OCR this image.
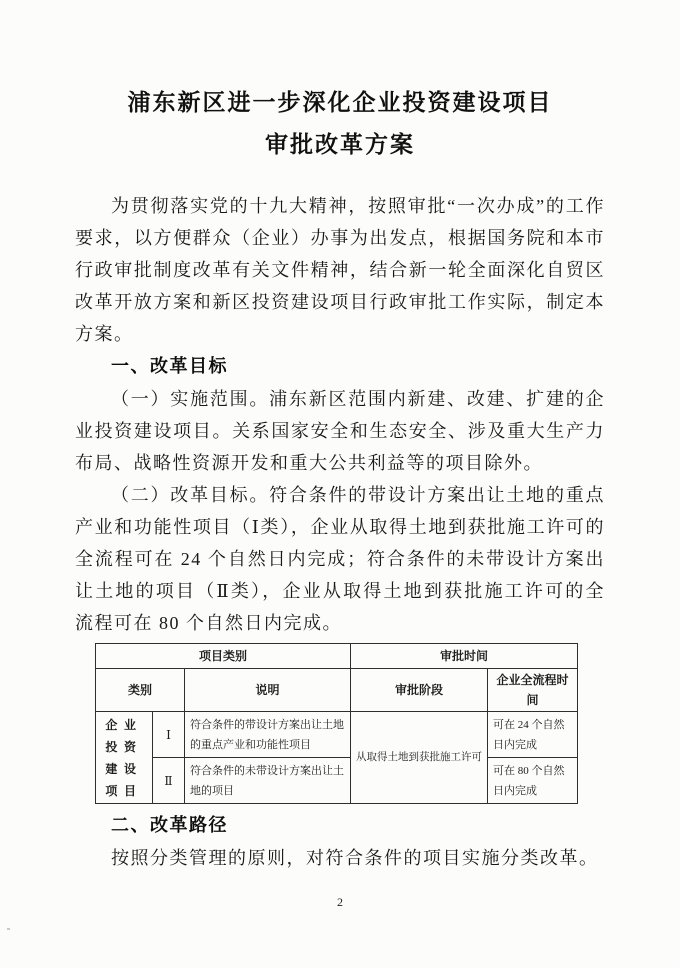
浦东新区进一步深化企业投资建设项目
审批改革方案

为贯彻落实党的十九大精神，按照审批“一次办成”的工作要求，以方便群众（企业）办事为出发点，根据国务院和本市行政审批制度改革有关文件精神，结合新一轮全面深化自贸区改革开放方案和新区投资建设项目行政审批工作实际，制定本方案。

一、改革目标

（一）实施范围。浦东新区范围内新建、改建、扩建的企业投资建设项目。关系国家安全和生态安全、涉及重大生产力布局、战略性资源开发和重大公共利益等的项目除外。

（二）改革目标。符合条件的带设计方案出让土地的重点产业和功能性项目（Ⅰ类），企业从取得土地到获批施工许可的全流程可在 24 个自然日内完成；符合条件的未带设计方案出让土地的项目（Ⅱ类），企业从取得土地到获批施工许可的全流程可在 80 个自然日内完成。

项目类别			审批时间	
类别		说明	审批阶段	企业全流程时间
企业投资建设项目	Ⅰ	符合条件的带设计方案出让土地的重点产业和功能性项目	从取得土地到获批施工许可	可在 24 个自然日内完成
	Ⅱ	符合条件的未带设计方案出让土地的项目		可在 80 个自然日内完成
二、改革路径

按照分类管理的原则，对符合条件的项目实施分类改革。

2
